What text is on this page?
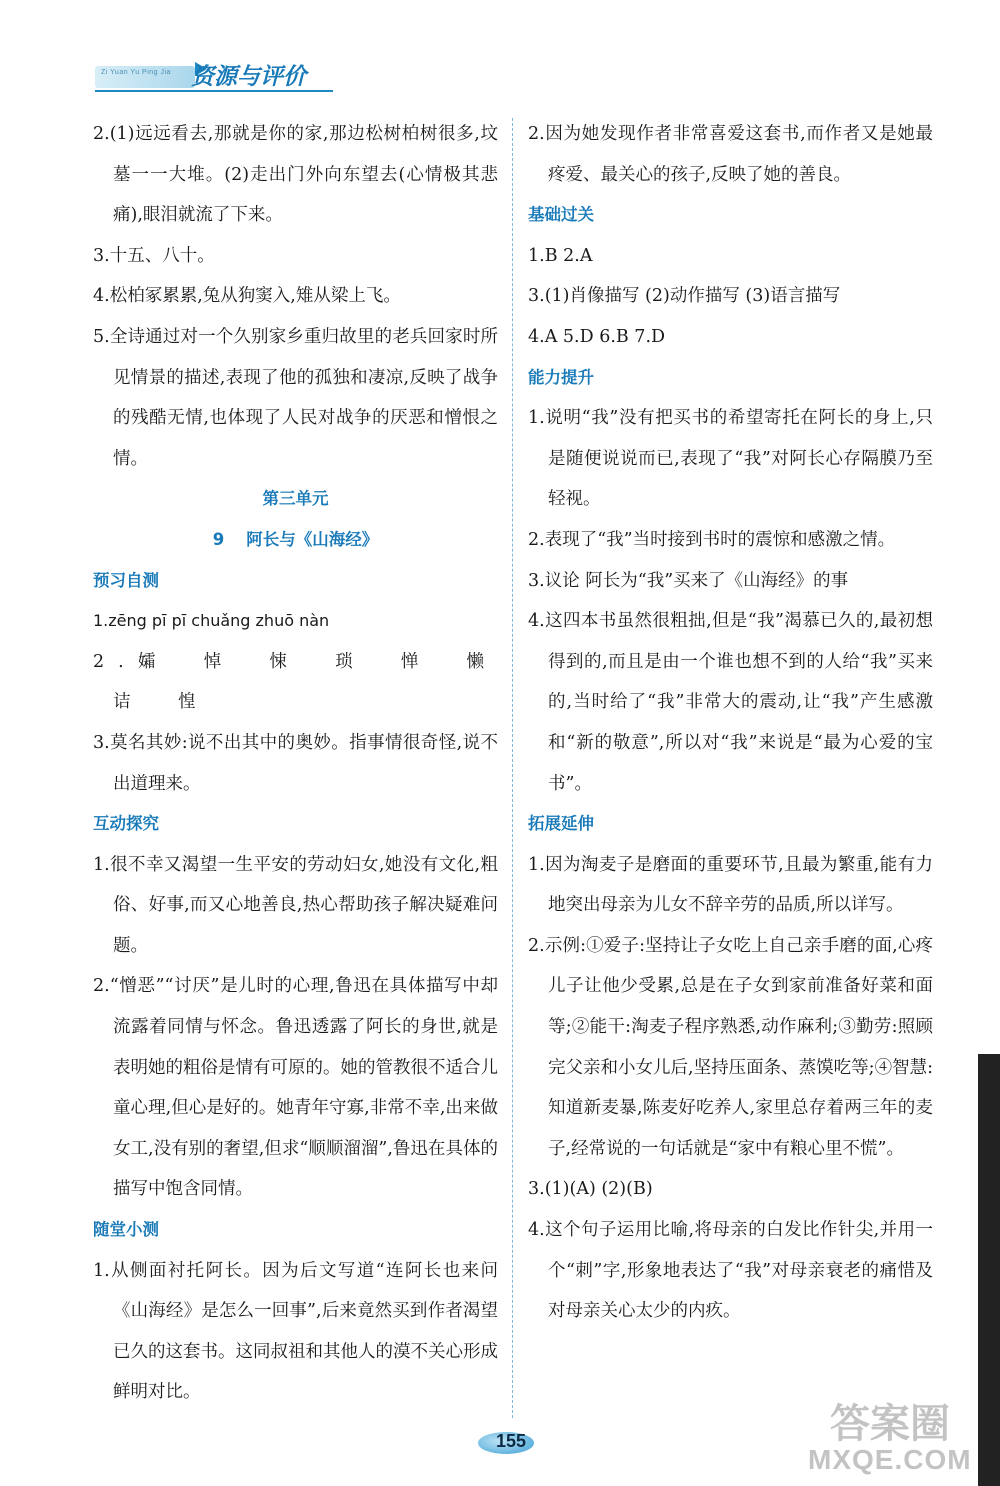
Zi Yuan Yu Ping Jia 资源与评价

2.(1)远远看去,那就是你的家,那边松树柏树很多,坟墓一一大堆。(2)走出门外向东望去(心情极其悲痛),眼泪就流了下来。

3.十五、八十。

4.松柏冢累累,兔从狗窦入,雉从梁上飞。

5.全诗通过对一个久别家乡重归故里的老兵回家时所见情景的描述,表现了他的孤独和凄凉,反映了战争的残酷无情,也体现了人民对战争的厌恶和憎恨之情。

第三单元

9 阿长与《山海经》

预习自测

1.zēng pī pī chuǎng zhuō nàn

2.孀 悼 悚 琐 惮 懒 诘 惶

3.莫名其妙:说不出其中的奥妙。指事情很奇怪,说不出道理来。

互动探究

1.很不幸又渴望一生平安的劳动妇女,她没有文化,粗俗、好事,而又心地善良,热心帮助孩子解决疑难问题。

2.“憎恶”“讨厌”是儿时的心理,鲁迅在具体描写中却流露着同情与怀念。鲁迅透露了阿长的身世,就是表明她的粗俗是情有可原的。她的管教很不适合儿童心理,但心是好的。她青年守寡,非常不幸,出来做女工,没有别的奢望,但求“顺顺溜溜”,鲁迅在具体的描写中饱含同情。

随堂小测

1.从侧面衬托阿长。因为后文写道“连阿长也来问《山海经》是怎么一回事”,后来竟然买到作者渴望已久的这套书。这同叔祖和其他人的漠不关心形成鲜明对比。

2.因为她发现作者非常喜爱这套书,而作者又是她最疼爱、最关心的孩子,反映了她的善良。

基础过关

1.B 2.A

3.(1)肖像描写 (2)动作描写 (3)语言描写

4.A 5.D 6.B 7.D

能力提升

1.说明“我”没有把买书的希望寄托在阿长的身上,只是随便说说而已,表现了“我”对阿长心存隔膜乃至轻视。

2.表现了“我”当时接到书时的震惊和感激之情。

3.议论 阿长为“我”买来了《山海经》的事

4.这四本书虽然很粗拙,但是“我”渴慕已久的,最初想得到的,而且是由一个谁也想不到的人给“我”买来的,当时给了“我”非常大的震动,让“我”产生感激和“新的敬意”,所以对“我”来说是“最为心爱的宝书”。

拓展延伸

1.因为淘麦子是磨面的重要环节,且最为繁重,能有力地突出母亲为儿女不辞辛劳的品质,所以详写。

2.示例:①爱子:坚持让子女吃上自己亲手磨的面,心疼儿子让他少受累,总是在子女到家前准备好菜和面等;②能干:淘麦子程序熟悉,动作麻利;③勤劳:照顾完父亲和小女儿后,坚持压面条、蒸馍吃等;④智慧:知道新麦暴,陈麦好吃养人,家里总存着两三年的麦子,经常说的一句话就是“家中有粮心里不慌”。

3.(1)(A) (2)(B)

4.这个句子运用比喻,将母亲的白发比作针尖,并用一个“刺”字,形象地表达了“我”对母亲衰老的痛惜及对母亲关心太少的内疚。

155	答案圈
MXQE.COM
